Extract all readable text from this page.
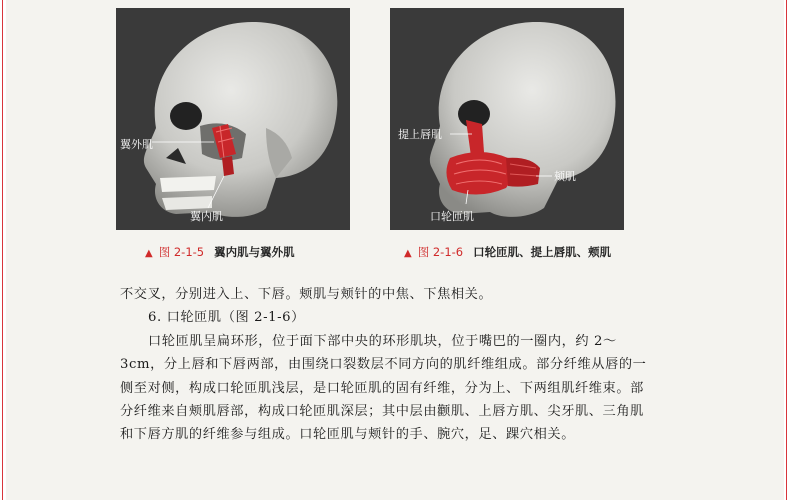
翼外肌
翼内肌
提上唇肌
颊肌
口轮匝肌
▲ 图 2-1-5 翼内肌与翼外肌	▲ 图 2-1-6 口轮匝肌、提上唇肌、颊肌

不交叉，分别进入上、下唇。颊肌与颊针的中焦、下焦相关。

6. 口轮匝肌（图 2-1-6）

口轮匝肌呈扁环形，位于面下部中央的环形肌块，位于嘴巴的一圈内，约 2～3cm，分上唇和下唇两部，由围绕口裂数层不同方向的肌纤维组成。部分纤维从唇的一侧至对侧，构成口轮匝肌浅层，是口轮匝肌的固有纤维，分为上、下两组肌纤维束。部分纤维来自颊肌唇部，构成口轮匝肌深层；其中层由颧肌、上唇方肌、尖牙肌、三角肌和下唇方肌的纤维参与组成。口轮匝肌与颊针的手、腕穴，足、踝穴相关。
